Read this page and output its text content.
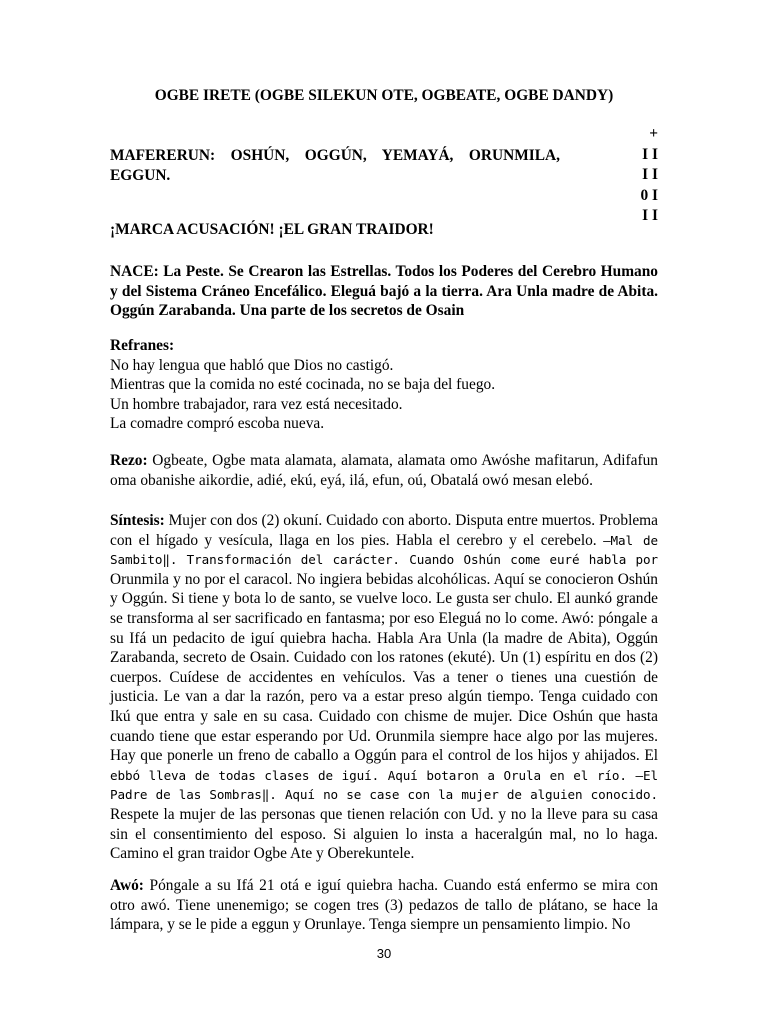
OGBE IRETE (OGBE SILEKUN OTE, OGBEATE, OGBE DANDY)
+
I I
I I
0 I
I I
MAFERERUN: OSHÚN, OGGÚN, YEMAYÁ, ORUNMILA, EGGUN.
¡MARCA ACUSACIÓN! ¡EL GRAN TRAIDOR!
NACE: La Peste. Se Crearon las Estrellas. Todos los Poderes del Cerebro Humano y del Sistema Cráneo Encefálico. Eleguá bajó a la tierra. Ara Unla madre de Abita. Oggún Zarabanda. Una parte de los secretos de Osain
Refranes:
No hay lengua que habló que Dios no castigó.
Mientras que la comida no esté cocinada, no se baja del fuego.
Un hombre trabajador, rara vez está necesitado.
La comadre compró escoba nueva.
Rezo: Ogbeate, Ogbe mata alamata, alamata, alamata omo Awóshe mafitarun, Adifafun oma obanishe aikordie, adié, ekú, eyá, ilá, efun, oú, Obatalá owó mesan elebó.
Síntesis: Mujer con dos (2) okuní. Cuidado con aborto. Disputa entre muertos. Problema con el hígado y vesícula, llaga en los pies. Habla el cerebro y el cerebelo. ―Mal de Sambito‖. Transformación del carácter. Cuando Oshún come euré habla por Orunmila y no por el caracol. No ingiera bebidas alcohólicas. Aquí se conocieron Oshún y Oggún. Si tiene y bota lo de santo, se vuelve loco. Le gusta ser chulo. El aunkó grande se transforma al ser sacrificado en fantasma; por eso Eleguá no lo come. Awó: póngale a su Ifá un pedacito de iguí quiebra hacha. Habla Ara Unla (la madre de Abita), Oggún Zarabanda, secreto de Osain. Cuidado con los ratones (ekuté). Un (1) espíritu en dos (2) cuerpos. Cuídese de accidentes en vehículos. Vas a tener o tienes una cuestión de justicia. Le van a dar la razón, pero va a estar preso algún tiempo. Tenga cuidado con Ikú que entra y sale en su casa. Cuidado con chisme de mujer. Dice Oshún que hasta cuando tiene que estar esperando por Ud. Orunmila siempre hace algo por las mujeres. Hay que ponerle un freno de caballo a Oggún para el control de los hijos y ahijados. El ebbó lleva de todas clases de iguí. Aquí botaron a Orula en el río. ―El Padre de las Sombras‖. Aquí no se case con la mujer de alguien conocido. Respete la mujer de las personas que tienen relación con Ud. y no la lleve para su casa sin el consentimiento del esposo. Si alguien lo insta a haceralgún mal, no lo haga. Camino el gran traidor Ogbe Ate y Oberekuntele.
Awó: Póngale a su Ifá 21 otá e iguí quiebra hacha. Cuando está enfermo se mira con otro awó. Tiene unenemigo; se cogen tres (3) pedazos de tallo de plátano, se hace la lámpara, y se le pide a eggun y Orunlaye. Tenga siempre un pensamiento limpio. No
30
